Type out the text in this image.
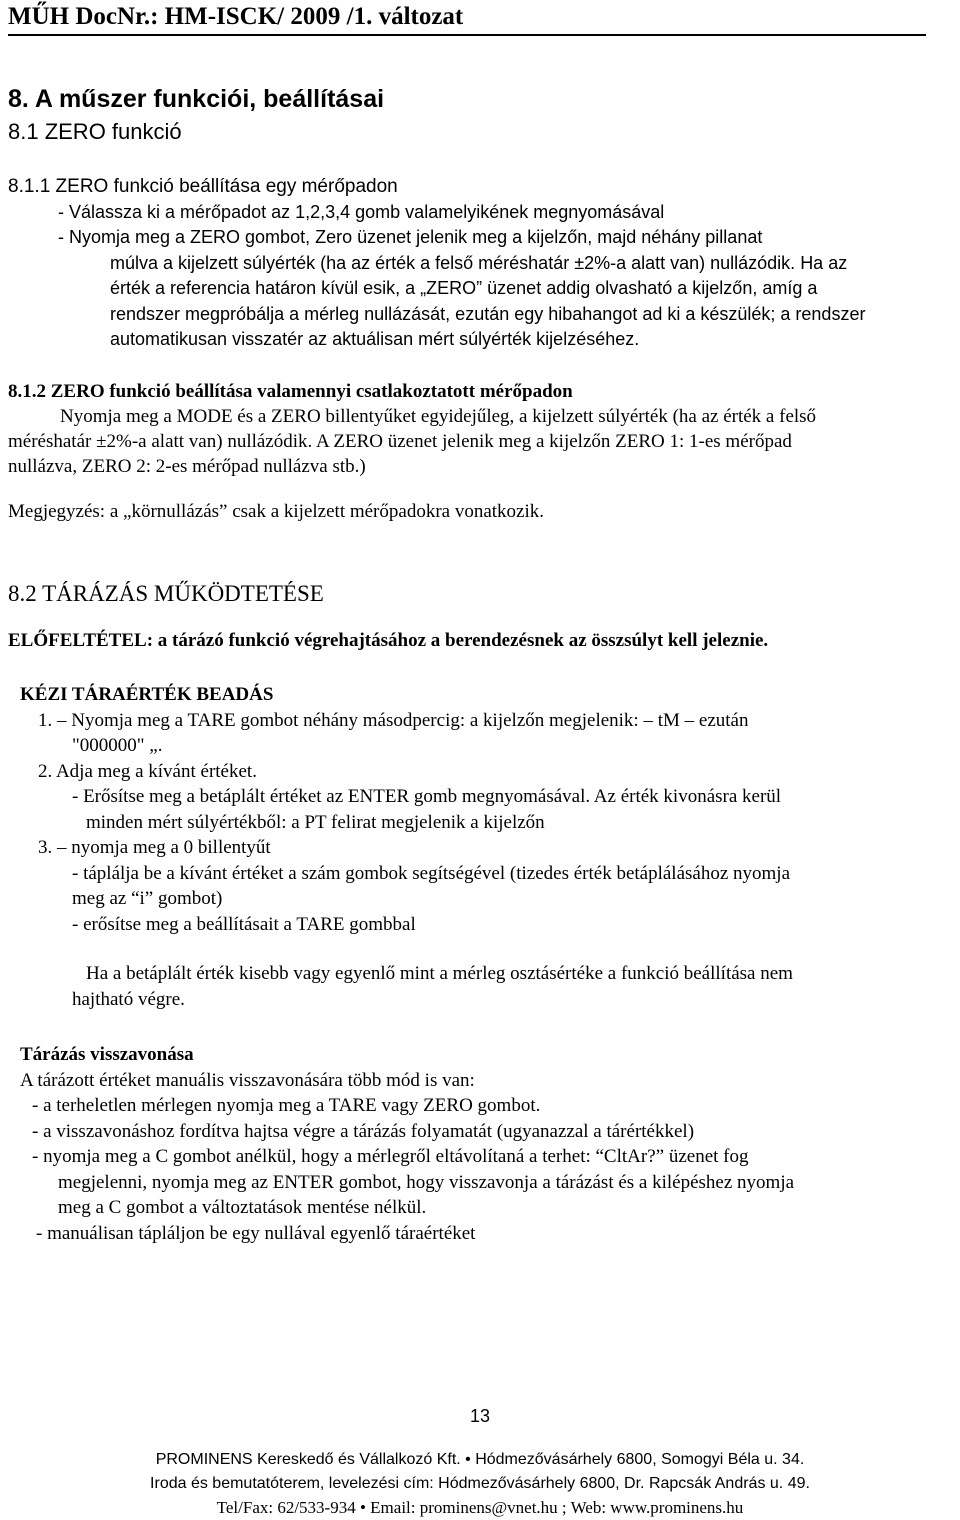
MŰH DocNr.: HM-ISCK/ 2009 /1. változat
8. A műszer funkciói, beállításai
8.1 ZERO funkció

8.1.1 ZERO funkció beállítása egy mérőpadon

- Válassza ki a mérőpadot az 1,2,3,4 gomb valamelyikének megnyomásával

- Nyomja meg a ZERO gombot, Zero üzenet jelenik meg a kijelzőn, majd néhány pillanat

múlva a kijelzett súlyérték (ha az érték a felső méréshatár ±2%-a alatt van) nullázódik. Ha az

érték a referencia határon kívül esik, a „ZERO” üzenet addig olvasható a kijelzőn, amíg a

rendszer megpróbálja a mérleg nullázását, ezután egy hibahangot ad ki a készülék; a rendszer

automatikusan visszatér az aktuálisan mért súlyérték kijelzéséhez.

8.1.2 ZERO funkció beállítása valamennyi csatlakoztatott mérőpadon

Nyomja meg a MODE és a ZERO billentyűket egyidejűleg, a kijelzett súlyérték (ha az érték a felső

méréshatár ±2%-a alatt van) nullázódik. A ZERO üzenet jelenik meg a kijelzőn ZERO 1: 1-es mérőpad

nullázva, ZERO 2: 2-es mérőpad nullázva stb.)

Megjegyzés: a „körnullázás” csak a kijelzett mérőpadokra vonatkozik.

8.2 TÁRÁZÁS MŰKÖDTETÉSE

ELŐFELTÉTEL: a tárázó funkció végrehajtásához a berendezésnek az összsúlyt kell jeleznie.

KÉZI TÁRAÉRTÉK BEADÁS

1. – Nyomja meg a TARE gombot néhány másodpercig: a kijelzőn megjelenik: – tM – ezután

"000000" „.

2. Adja meg a kívánt értéket.

- Erősítse meg a betáplált értéket az ENTER gomb megnyomásával. Az érték kivonásra kerül

minden mért súlyértékből: a PT felirat megjelenik a kijelzőn

3. – nyomja meg a 0 billentyűt

- táplálja be a kívánt értéket a szám gombok segítségével (tizedes érték betáplálásához nyomja

meg az “i” gombot)

- erősítse meg a beállításait a TARE gombbal

Ha a betáplált érték kisebb vagy egyenlő mint a mérleg osztásértéke a funkció beállítása nem

hajtható végre.

Tárázás visszavonása

A tárázott értéket manuális visszavonására több mód is van:

- a terheletlen mérlegen nyomja meg a TARE vagy ZERO gombot.

- a visszavonáshoz fordítva hajtsa végre a tárázás folyamatát (ugyanazzal a tárértékkel)

- nyomja meg a C gombot anélkül, hogy a mérlegről eltávolítaná a terhet: “CltAr?” üzenet fog

megjelenni, nyomja meg az ENTER gombot, hogy visszavonja a tárázást és a kilépéshez nyomja

meg a C gombot a változtatások mentése nélkül.

- manuálisan tápláljon be egy nullával egyenlő táraértéket

13
PROMINENS Kereskedő és Vállalkozó Kft. • Hódmezővásárhely 6800, Somogyi Béla u. 34.
Iroda és bemutatóterem, levelezési cím: Hódmezővásárhely 6800, Dr. Rapcsák András u. 49.
Tel/Fax: 62/533-934 • Email: prominens@vnet.hu ; Web: www.prominens.hu
